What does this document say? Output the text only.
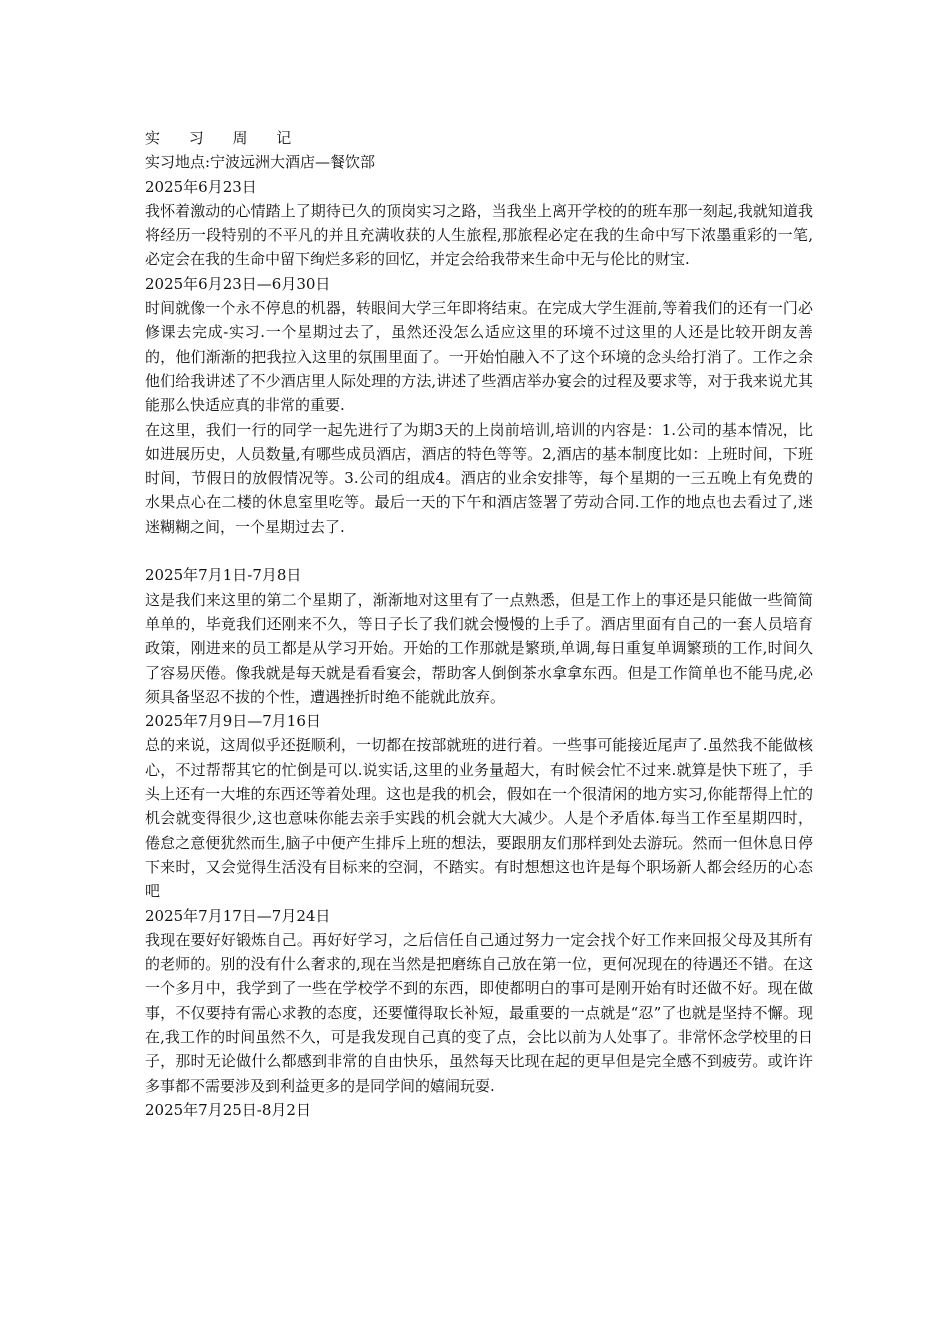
实 习 周 记
实习地点:宁波远洲大酒店—餐饮部
2025年6月23日
我怀着激动的心情踏上了期待已久的顶岗实习之路，当我坐上离开学校的的班车那一刻起,我就知道我将经历一段特别的不平凡的并且充满收获的人生旅程,那旅程必定在我的生命中写下浓墨重彩的一笔,必定会在我的生命中留下绚烂多彩的回忆，并定会给我带来生命中无与伦比的财宝.
2025年6月23日—6月30日
时间就像一个永不停息的机器，转眼间大学三年即将结束。在完成大学生涯前,等着我们的还有一门必修课去完成-实习.一个星期过去了，虽然还没怎么适应这里的环境不过这里的人还是比较开朗友善的，他们渐渐的把我拉入这里的氛围里面了。一开始怕融入不了这个环境的念头给打消了。工作之余他们给我讲述了不少酒店里人际处理的方法,讲述了些酒店举办宴会的过程及要求等，对于我来说尤其能那么快适应真的非常的重要.
在这里，我们一行的同学一起先进行了为期3天的上岗前培训,培训的内容是：1.公司的基本情况，比如进展历史，人员数量,有哪些成员酒店，酒店的特色等等。2,酒店的基本制度比如：上班时间，下班时间，节假日的放假情况等。3.公司的组成4。酒店的业余安排等，每个星期的一三五晚上有免费的水果点心在二楼的休息室里吃等。最后一天的下午和酒店签署了劳动合同.工作的地点也去看过了,迷迷糊糊之间，一个星期过去了.
2025年7月1日-7月8日
这是我们来这里的第二个星期了，渐渐地对这里有了一点熟悉，但是工作上的事还是只能做一些简简单单的，毕竟我们还刚来不久，等日子长了我们就会慢慢的上手了。酒店里面有自己的一套人员培育政策，刚进来的员工都是从学习开始。开始的工作那就是繁琐,单调,每日重复单调繁琐的工作,时间久了容易厌倦。像我就是每天就是看看宴会，帮助客人倒倒茶水拿拿东西。但是工作简单也不能马虎,必须具备坚忍不拔的个性，遭遇挫折时绝不能就此放弃。
2025年7月9日—7月16日
总的来说，这周似乎还挺顺利，一切都在按部就班的进行着。一些事可能接近尾声了.虽然我不能做核心，不过帮帮其它的忙倒是可以.说实话,这里的业务量超大，有时候会忙不过来.就算是快下班了，手头上还有一大堆的东西还等着处理。这也是我的机会，假如在一个很清闲的地方实习,你能帮得上忙的机会就变得很少,这也意味你能去亲手实践的机会就大大减少。人是个矛盾体.每当工作至星期四时，倦怠之意便犹然而生,脑子中便产生排斥上班的想法，要跟朋友们那样到处去游玩。然而一但休息日停下来时，又会觉得生活没有目标来的空洞，不踏实。有时想想这也许是每个职场新人都会经历的心态吧
2025年7月17日—7月24日
我现在要好好锻炼自己。再好好学习，之后信任自己通过努力一定会找个好工作来回报父母及其所有的老师的。别的没有什么奢求的,现在当然是把磨练自己放在第一位，更何况现在的待遇还不错。在这一个多月中，我学到了一些在学校学不到的东西，即使都明白的事可是刚开始有时还做不好。现在做事，不仅要持有需心求教的态度，还要懂得取长补短，最重要的一点就是“忍”了也就是坚持不懈。现在,我工作的时间虽然不久，可是我发现自己真的变了点，会比以前为人处事了。非常怀念学校里的日子，那时无论做什么都感到非常的自由快乐，虽然每天比现在起的更早但是完全感不到疲劳。或许许多事都不需要涉及到利益更多的是同学间的嬉闹玩耍.
2025年7月25日-8月2日
